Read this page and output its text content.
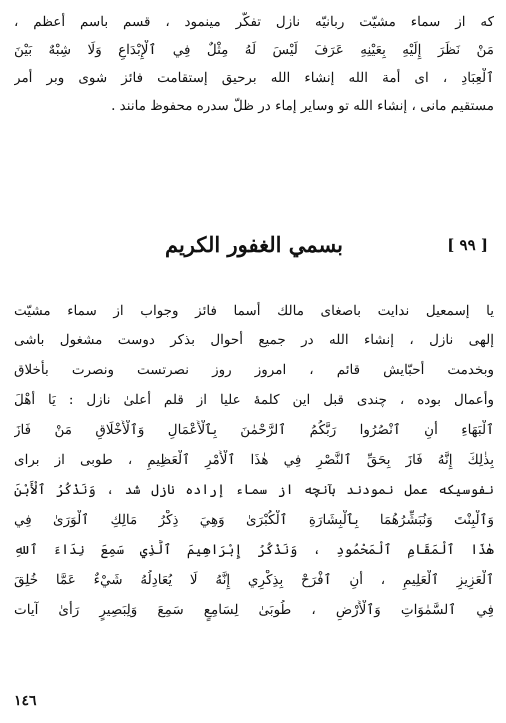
كه از سماء مشيّت ربانيّه نازل تفكّر مينمود ، قسم باسم أعظم ،
مَنْ نَظَرَ إِلَيْهِ بِعَيْنِهِ عَرَفَ لَيْسَ لَهُ مِثْلٌ فِي ٱلْإِبْدَاعِ وَلَا شِبْهٌ بَيْنَ
ٱلْعِبَادِ ، اى أمة الله إنشاء الله برحيق إستقامت فائز شوى وبر أمر
مستقيم مانى ، إنشاء الله تو وساير إماء در ظلّ سدره محفوظ مانند .
[ ٩٩ ]
بسمي الغفور الكريم
يا إسمعيل ندايت باصغاى مالك أسما فائز وجواب از سماء مشيّت
إلهى نازل ، إنشاء الله در جميع أحوال بذكر دوست مشغول باشى
وبخدمت أحبّايش قائم ، امروز روز نصرتست ونصرت بأخلاق
وأعمال بوده ، چندى قبل اين كلمهٔ عليا از قلم أعلىٰ نازل : يَا أَهْلَ
ٱلْبَهَاءِ أَنِ ٱنْصُرُوا رَبَّكُمُ ٱلرَّحْمٰنَ بِٱلْأَعْمَالِ وَٱلْأَخْلَاقِ مَنْ فَازَ
بِذٰلِكَ إِنَّهُ فَازَ بِحَقِّ ٱلنَّصْرِ فِي هٰذَا ٱلْأَمْرِ ٱلْعَظِيمِ ، طوبى از براى
نفوسيكه عمل نمودند بآنچه از سماء إراده نازل شد ، وَنَذْكُرُ ٱلْأَبْنَ
وَٱلْبِنْتَ وَنُبَشِّرُهُمَا بِٱلْبِشَارَةِ ٱلْكُبْرَىٰ وَهِيَ ذِكْرُ مَالِكِ ٱلْوَرَىٰ فِي
هٰذَا ٱلْمَقَامِ ٱلْمَحْمُودِ ، وَنَذْكُرُ إِبْرَاهِيمَ ٱلَّذِي سَمِعَ نِدَاءَ ٱللهِ
ٱلْعَزِيزِ ٱلْعَلِيمِ ، أَنِ ٱفْرَحْ بِذِكْرِي إِنَّهُ لَا يُعَادِلُهُ شَيْءٌ عَمَّا خُلِقَ
فِي ٱلسَّمٰوَاتِ وَٱلْأَرْضِ ، طُوبَىٰ لِسَامِعٍ سَمِعَ وَلِبَصِيرٍ رَأَىٰ آيات
١٤٦
